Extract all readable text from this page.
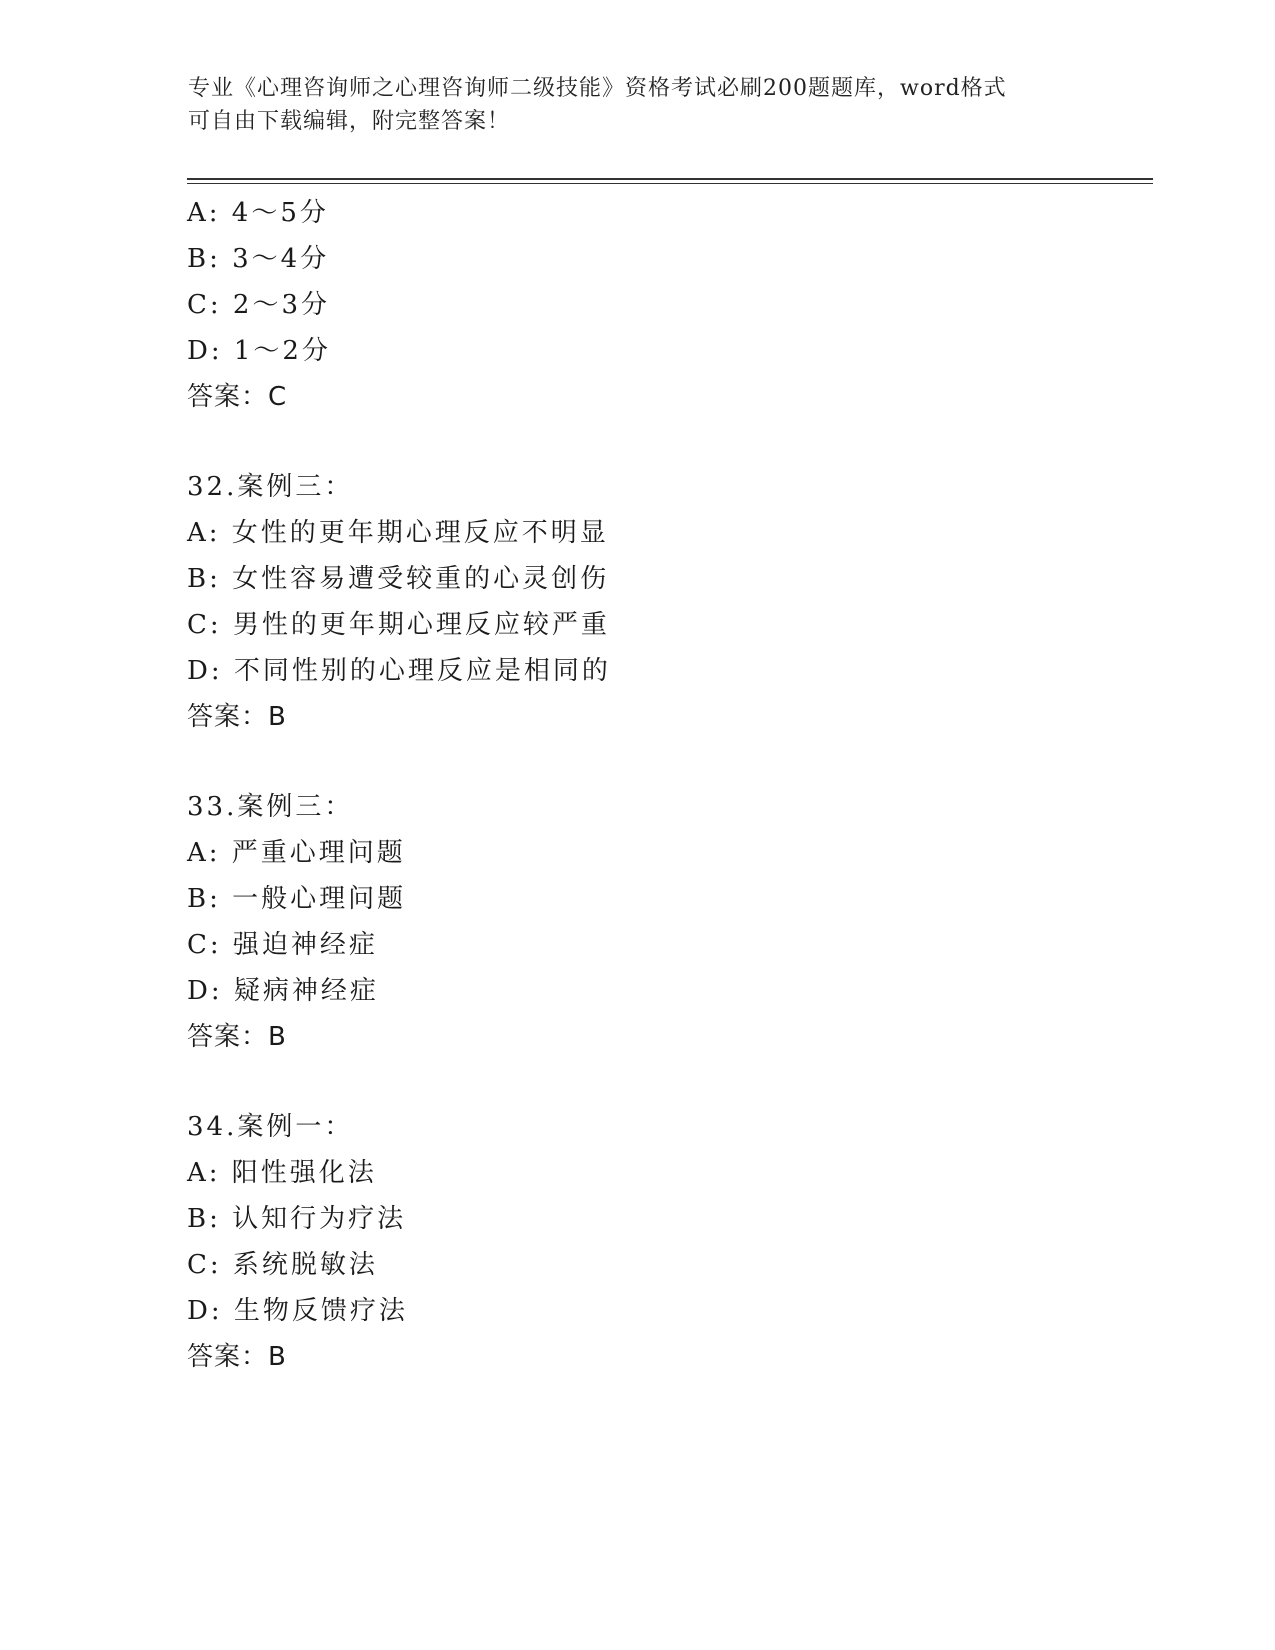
专业《心理咨询师之心理咨询师二级技能》资格考试必刷200题题库，word格式

可自由下载编辑，附完整答案！

A: 4～5分
B: 3～4分
C: 2～3分
D: 1～2分
答案：C
32.案例三：
A: 女性的更年期心理反应不明显
B: 女性容易遭受较重的心灵创伤
C: 男性的更年期心理反应较严重
D: 不同性别的心理反应是相同的
答案：B
33.案例三：
A: 严重心理问题
B: 一般心理问题
C: 强迫神经症
D: 疑病神经症
答案：B
34.案例一：
A: 阳性强化法
B: 认知行为疗法
C: 系统脱敏法
D: 生物反馈疗法
答案：B
